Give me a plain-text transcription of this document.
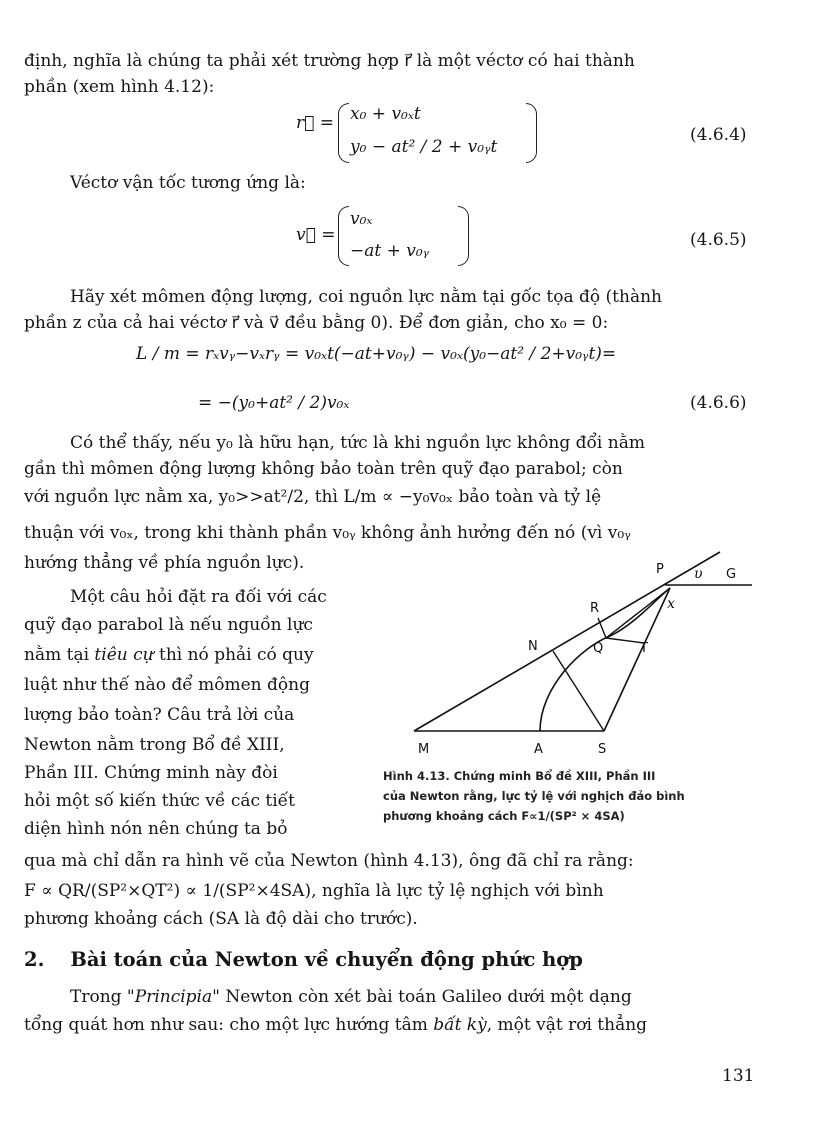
định, nghĩa là chúng ta phải xét trường hợp r⃗ là một véctơ có hai thành
phần (xem hình 4.12):
r⃗ = x₀ + v₀ₓt
y₀ − at² / 2 + v₀ᵧt
(4.6.4)
Véctơ vận tốc tương ứng là:
v⃗ =
v₀ₓ
−at + v₀ᵧ
(4.6.5)
Hãy xét mômen động lượng, coi nguồn lực nằm tại gốc tọa độ (thành
phần z của cả hai véctơ r⃗ và v⃗ đều bằng 0). Để đơn giản, cho x₀ = 0:
L / m = rₓvᵧ−vₓrᵧ = v₀ₓt(−at+v₀ᵧ) − v₀ₓ(y₀−at² / 2+v₀ᵧt)=
= −(y₀+at² / 2)v₀ₓ	(4.6.6)
Có thể thấy, nếu y₀ là hữu hạn, tức là khi nguồn lực không đổi nằm
gần thì mômen động lượng không bảo toàn trên quỹ đạo parabol; còn
với nguồn lực nằm xa, y₀>>at²/2, thì L/m ∝ −y₀v₀ₓ bảo toàn và tỷ lệ
thuận với v₀ₓ, trong khi thành phần v₀ᵧ không ảnh hưởng đến nó (vì v₀ᵧ
hướng thẳng về phía nguồn lực).
Một câu hỏi đặt ra đối với các
quỹ đạo parabol là nếu nguồn lực
nằm tại tiêu cự thì nó phải có quy
luật như thế nào để mômen động
lượng bảo toàn? Câu trả lời của
Newton nằm trong Bổ đề XIII,
Phần III. Chứng minh này đòi
hỏi một số kiến thức về các tiết
diện hình nón nên chúng ta bỏ
P	G
υ
x
R
N	Q	T
M	A	S
Hình 4.13. Chứng minh Bổ đề XIII, Phần III
của Newton rằng, lực tỷ lệ với nghịch đảo bình
phương khoảng cách F∝1/(SP² × 4SA)
qua mà chỉ dẫn ra hình vẽ của Newton (hình 4.13), ông đã chỉ ra rằng:
F ∝ QR/(SP²×QT²) ∝ 1/(SP²×4SA), nghĩa là lực tỷ lệ nghịch với bình
phương khoảng cách (SA là độ dài cho trước).
2. Bài toán của Newton về chuyển động phức hợp
Trong "Principia" Newton còn xét bài toán Galileo dưới một dạng
tổng quát hơn như sau: cho một lực hướng tâm bất kỳ, một vật rơi thẳng
131
